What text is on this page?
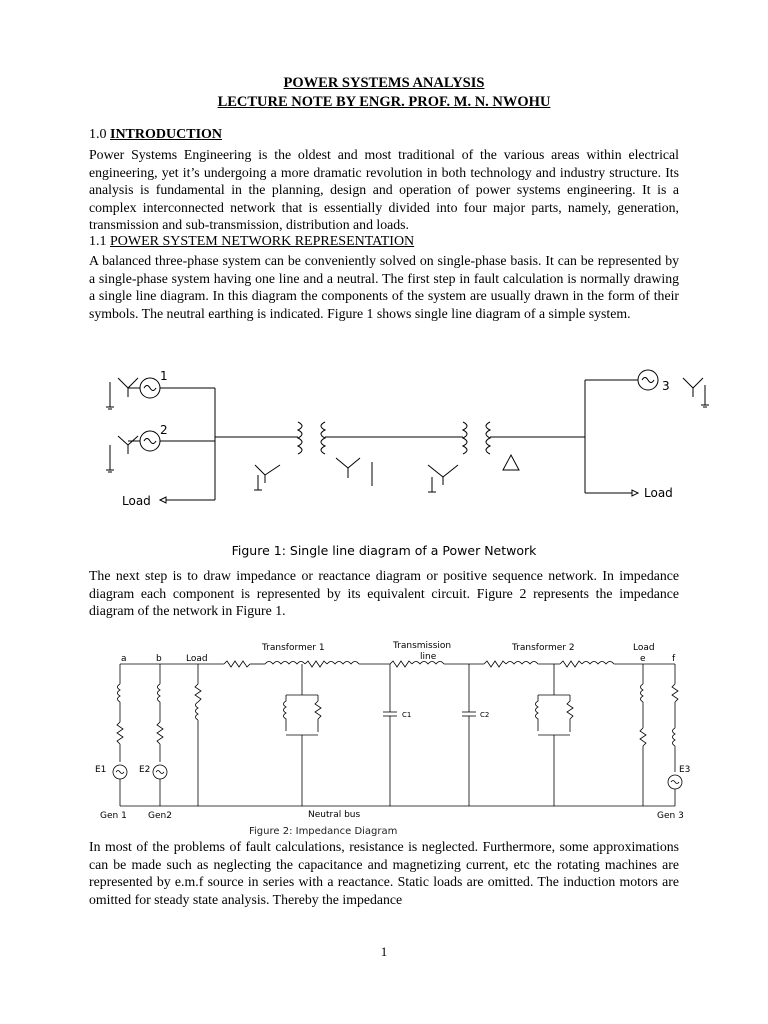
POWER SYSTEMS ANALYSIS
LECTURE NOTE BY ENGR. PROF. M. N. NWOHU
1.0 INTRODUCTION

Power Systems Engineering is the oldest and most traditional of the various areas within electrical engineering, yet it’s undergoing a more dramatic revolution in both technology and industry structure. Its analysis is fundamental in the planning, design and operation of power systems engineering. It is a complex interconnected network that is essentially divided into four major parts, namely, generation, transmission and sub-transmission, distribution and loads.

1.1 POWER SYSTEM NETWORK REPRESENTATION

A balanced three-phase system can be conveniently solved on single-phase basis. It can be represented by a single-phase system having one line and a neutral. The first step in fault calculation is normally drawing a single line diagram. In this diagram the components of the system are usually drawn in the form of their symbols. The neutral earthing is indicated. Figure 1 shows single line diagram of a simple system.

1
2
3
Load
Load
Figure 1: Single line diagram of a Power Network

The next step is to draw impedance or reactance diagram or positive sequence network. In impedance diagram each component is represented by its equivalent circuit. Figure 2 represents the impedance diagram of the network in Figure 1.

a	b	Load
Transformer 1	Transmission
line
Transformer 2	Load
e	f
C1	C2
E1	E2	E3
Gen 1 Gen2	Neutral bus	Gen 3
Figure 2: Impedance Diagram

In most of the problems of fault calculations, resistance is neglected. Furthermore, some approximations can be made such as neglecting the capacitance and magnetizing current, etc the rotating machines are represented by e.m.f source in series with a reactance. Static loads are omitted. The induction motors are omitted for steady state analysis. Thereby the impedance

1
